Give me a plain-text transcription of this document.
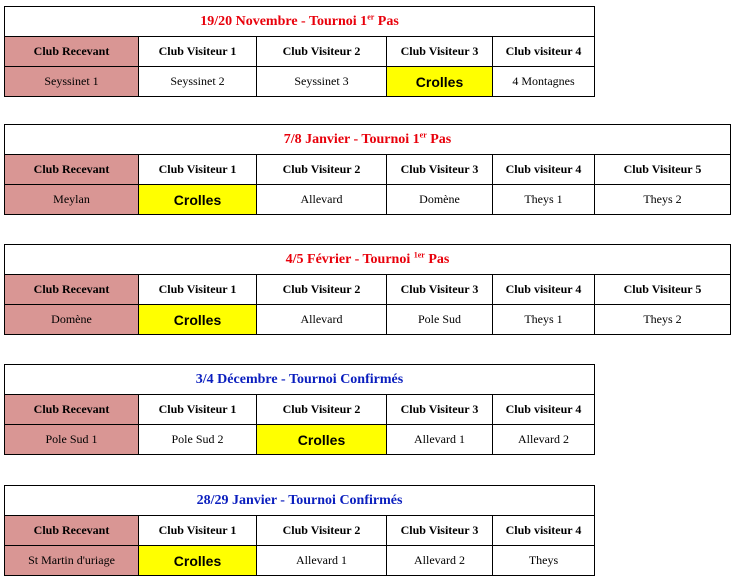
19/20 Novembre - Tournoi 1er Pas				
Club Recevant	Club Visiteur 1	Club Visiteur 2	Club Visiteur 3	Club visiteur 4
Seyssinet 1	Seyssinet 2	Seyssinet 3	Crolles	4 Montagnes
7/8 Janvier - Tournoi 1er Pas					
Club Recevant	Club Visiteur 1	Club Visiteur 2	Club Visiteur 3	Club visiteur 4	Club Visiteur 5
Meylan	Crolles	Allevard	Domène	Theys 1	Theys 2
4/5 Février - Tournoi $^{1er}$ Pas					
Club Recevant	Club Visiteur 1	Club Visiteur 2	Club Visiteur 3	Club visiteur 4	Club Visiteur 5
Domène	Crolles	Allevard	Pole Sud	Theys 1	Theys 2
3/4 Décembre - Tournoi Confirmés				
Club Recevant	Club Visiteur 1	Club Visiteur 2	Club Visiteur 3	Club visiteur 4
Pole Sud 1	Pole Sud 2	Crolles	Allevard 1	Allevard 2
28/29 Janvier - Tournoi Confirmés				
Club Recevant	Club Visiteur 1	Club Visiteur 2	Club Visiteur 3	Club visiteur 4
St Martin d'uriage	Crolles	Allevard 1	Allevard 2	Theys
